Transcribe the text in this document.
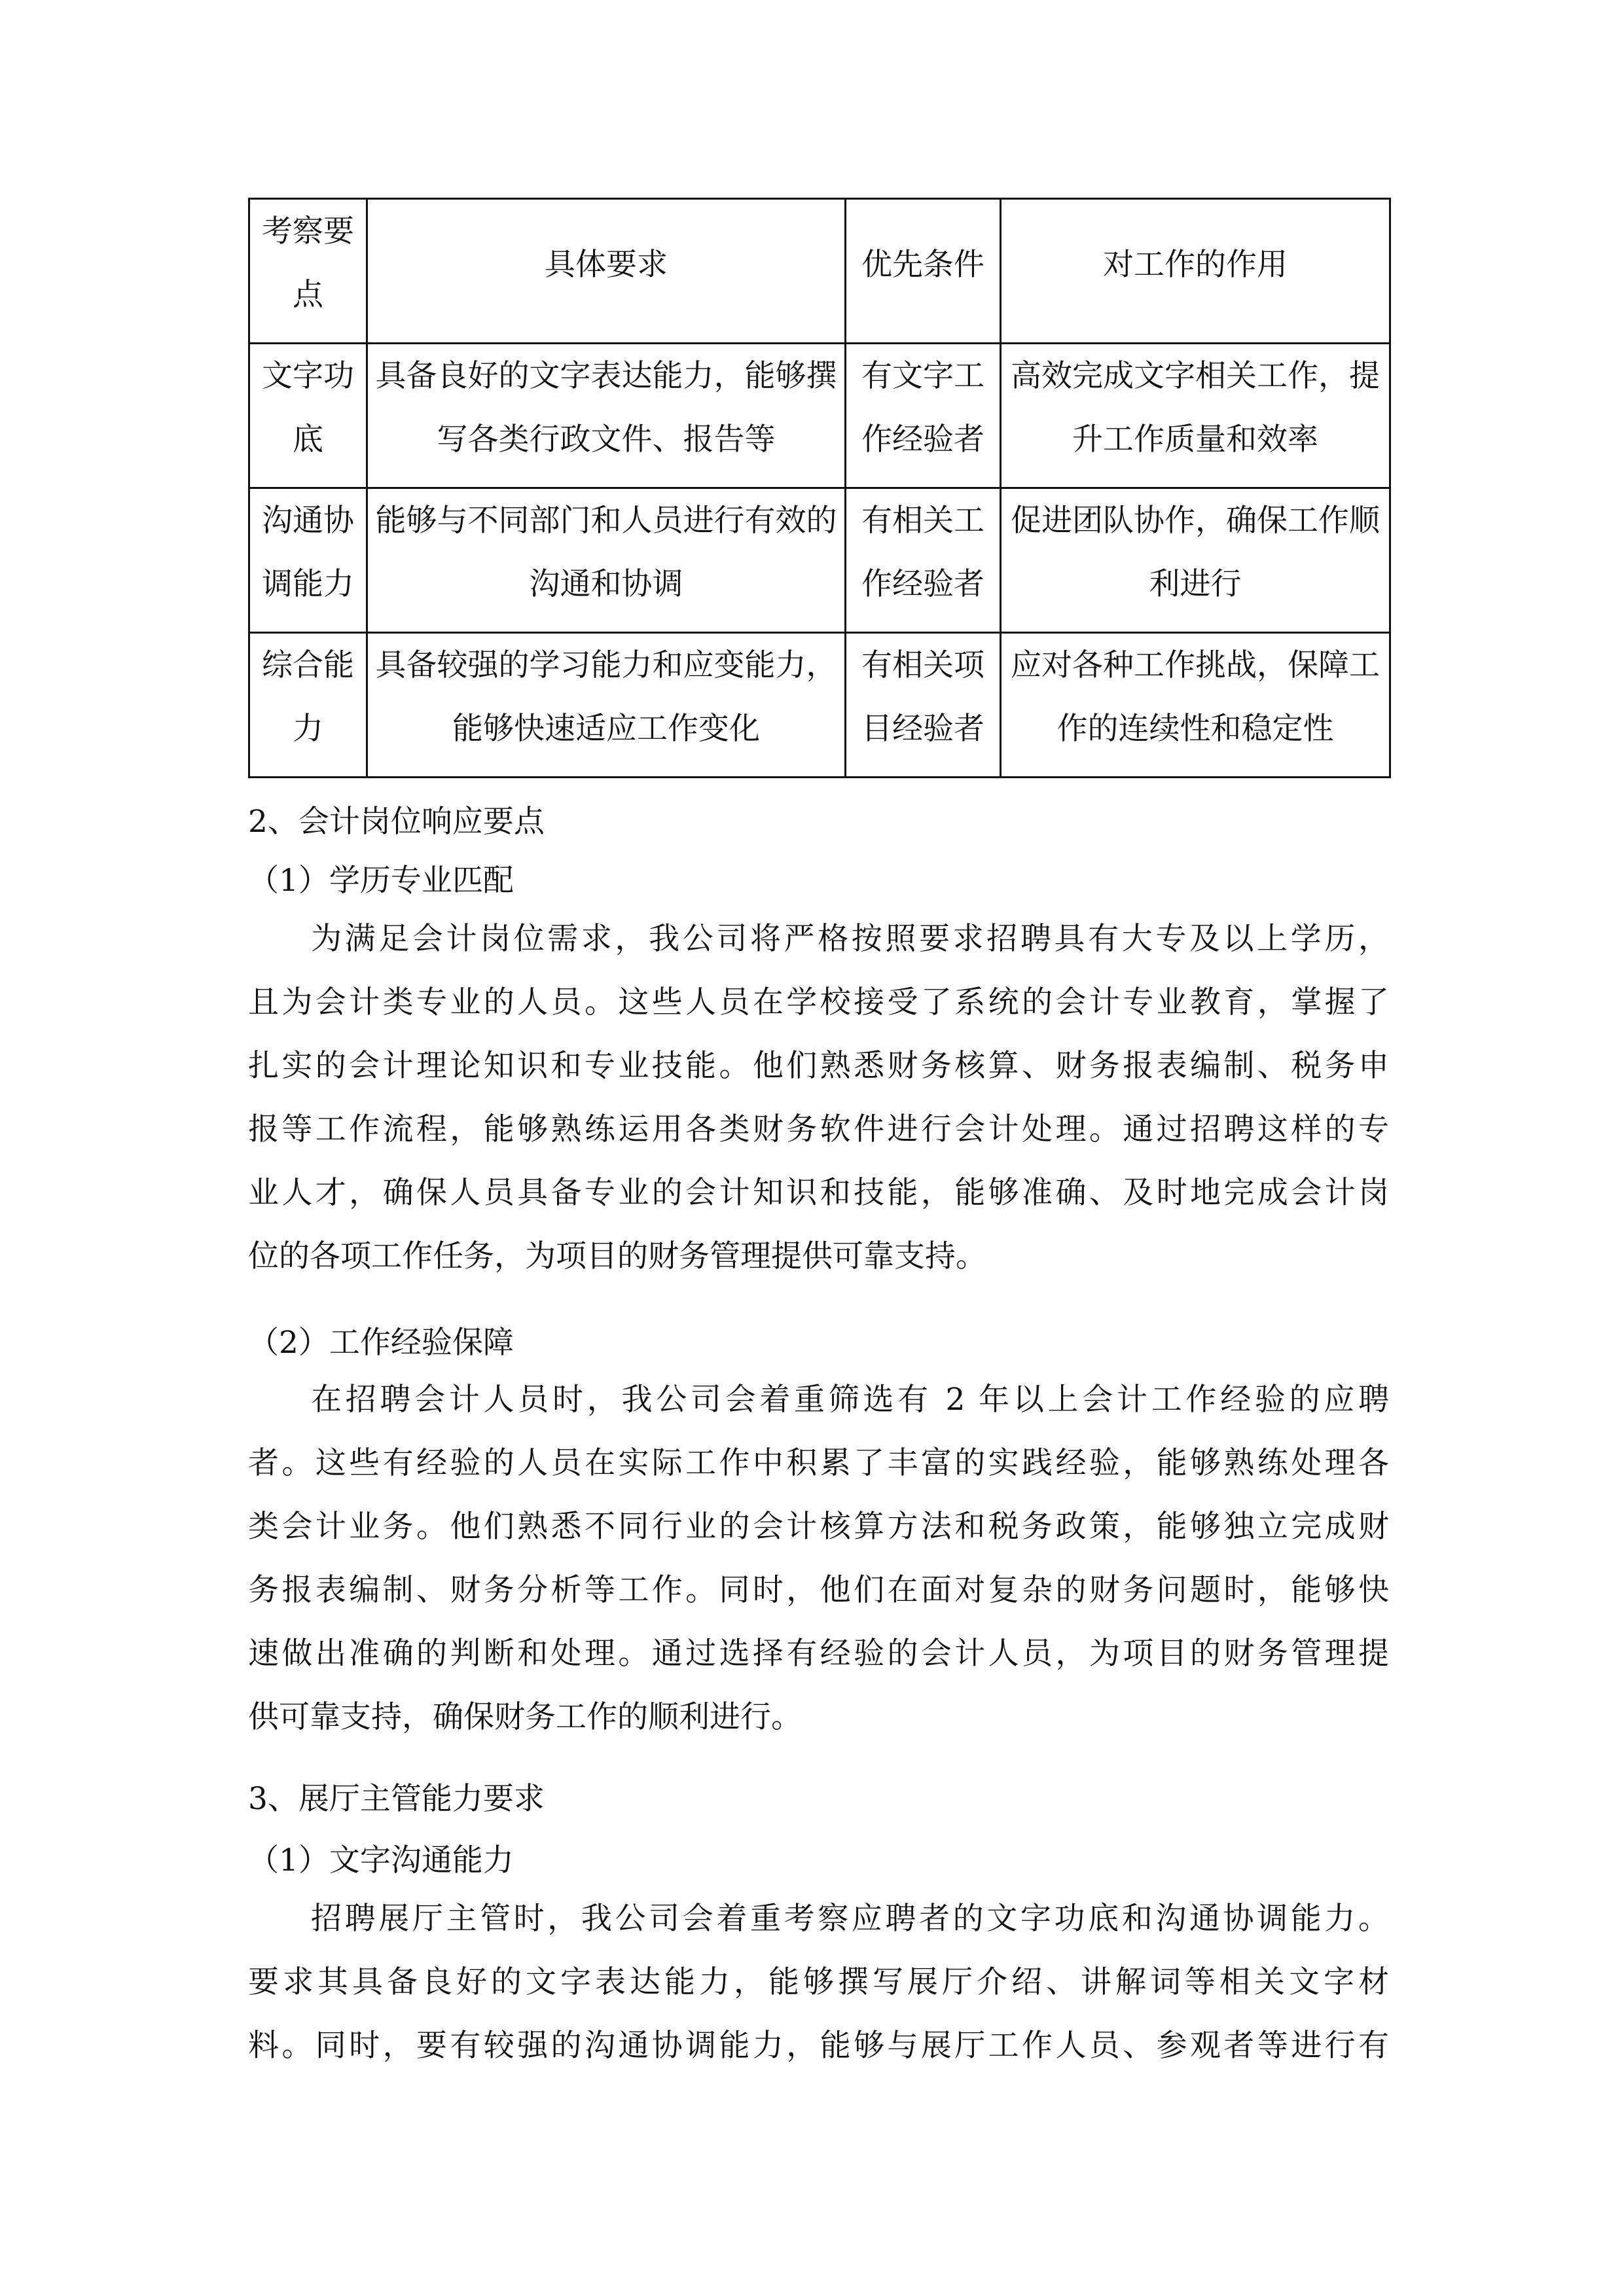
考察要点	具体要求	优先条件	对工作的作用
文字功底	具备良好的文字表达能力，能够撰写各类行政文件、报告等	有文字工作经验者	高效完成文字相关工作，提升工作质量和效率
沟通协调能力	能够与不同部门和人员进行有效的沟通和协调	有相关工作经验者	促进团队协作，确保工作顺利进行
综合能力	具备较强的学习能力和应变能力，能够快速适应工作变化	有相关项目经验者	应对各种工作挑战，保障工作的连续性和稳定性
2、会计岗位响应要点
（1）学历专业匹配
为满足会计岗位需求，我公司将严格按照要求招聘具有大专及以上学历，
且为会计类专业的人员。这些人员在学校接受了系统的会计专业教育，掌握了
扎实的会计理论知识和专业技能。他们熟悉财务核算、财务报表编制、税务申
报等工作流程，能够熟练运用各类财务软件进行会计处理。通过招聘这样的专
业人才，确保人员具备专业的会计知识和技能，能够准确、及时地完成会计岗
位的各项工作任务，为项目的财务管理提供可靠支持。
（2）工作经验保障
在招聘会计人员时，我公司会着重筛选有 2 年以上会计工作经验的应聘
者。这些有经验的人员在实际工作中积累了丰富的实践经验，能够熟练处理各
类会计业务。他们熟悉不同行业的会计核算方法和税务政策，能够独立完成财
务报表编制、财务分析等工作。同时，他们在面对复杂的财务问题时，能够快
速做出准确的判断和处理。通过选择有经验的会计人员，为项目的财务管理提
供可靠支持，确保财务工作的顺利进行。
3、展厅主管能力要求
（1）文字沟通能力
招聘展厅主管时，我公司会着重考察应聘者的文字功底和沟通协调能力。
要求其具备良好的文字表达能力，能够撰写展厅介绍、讲解词等相关文字材
料。同时，要有较强的沟通协调能力，能够与展厅工作人员、参观者等进行有
